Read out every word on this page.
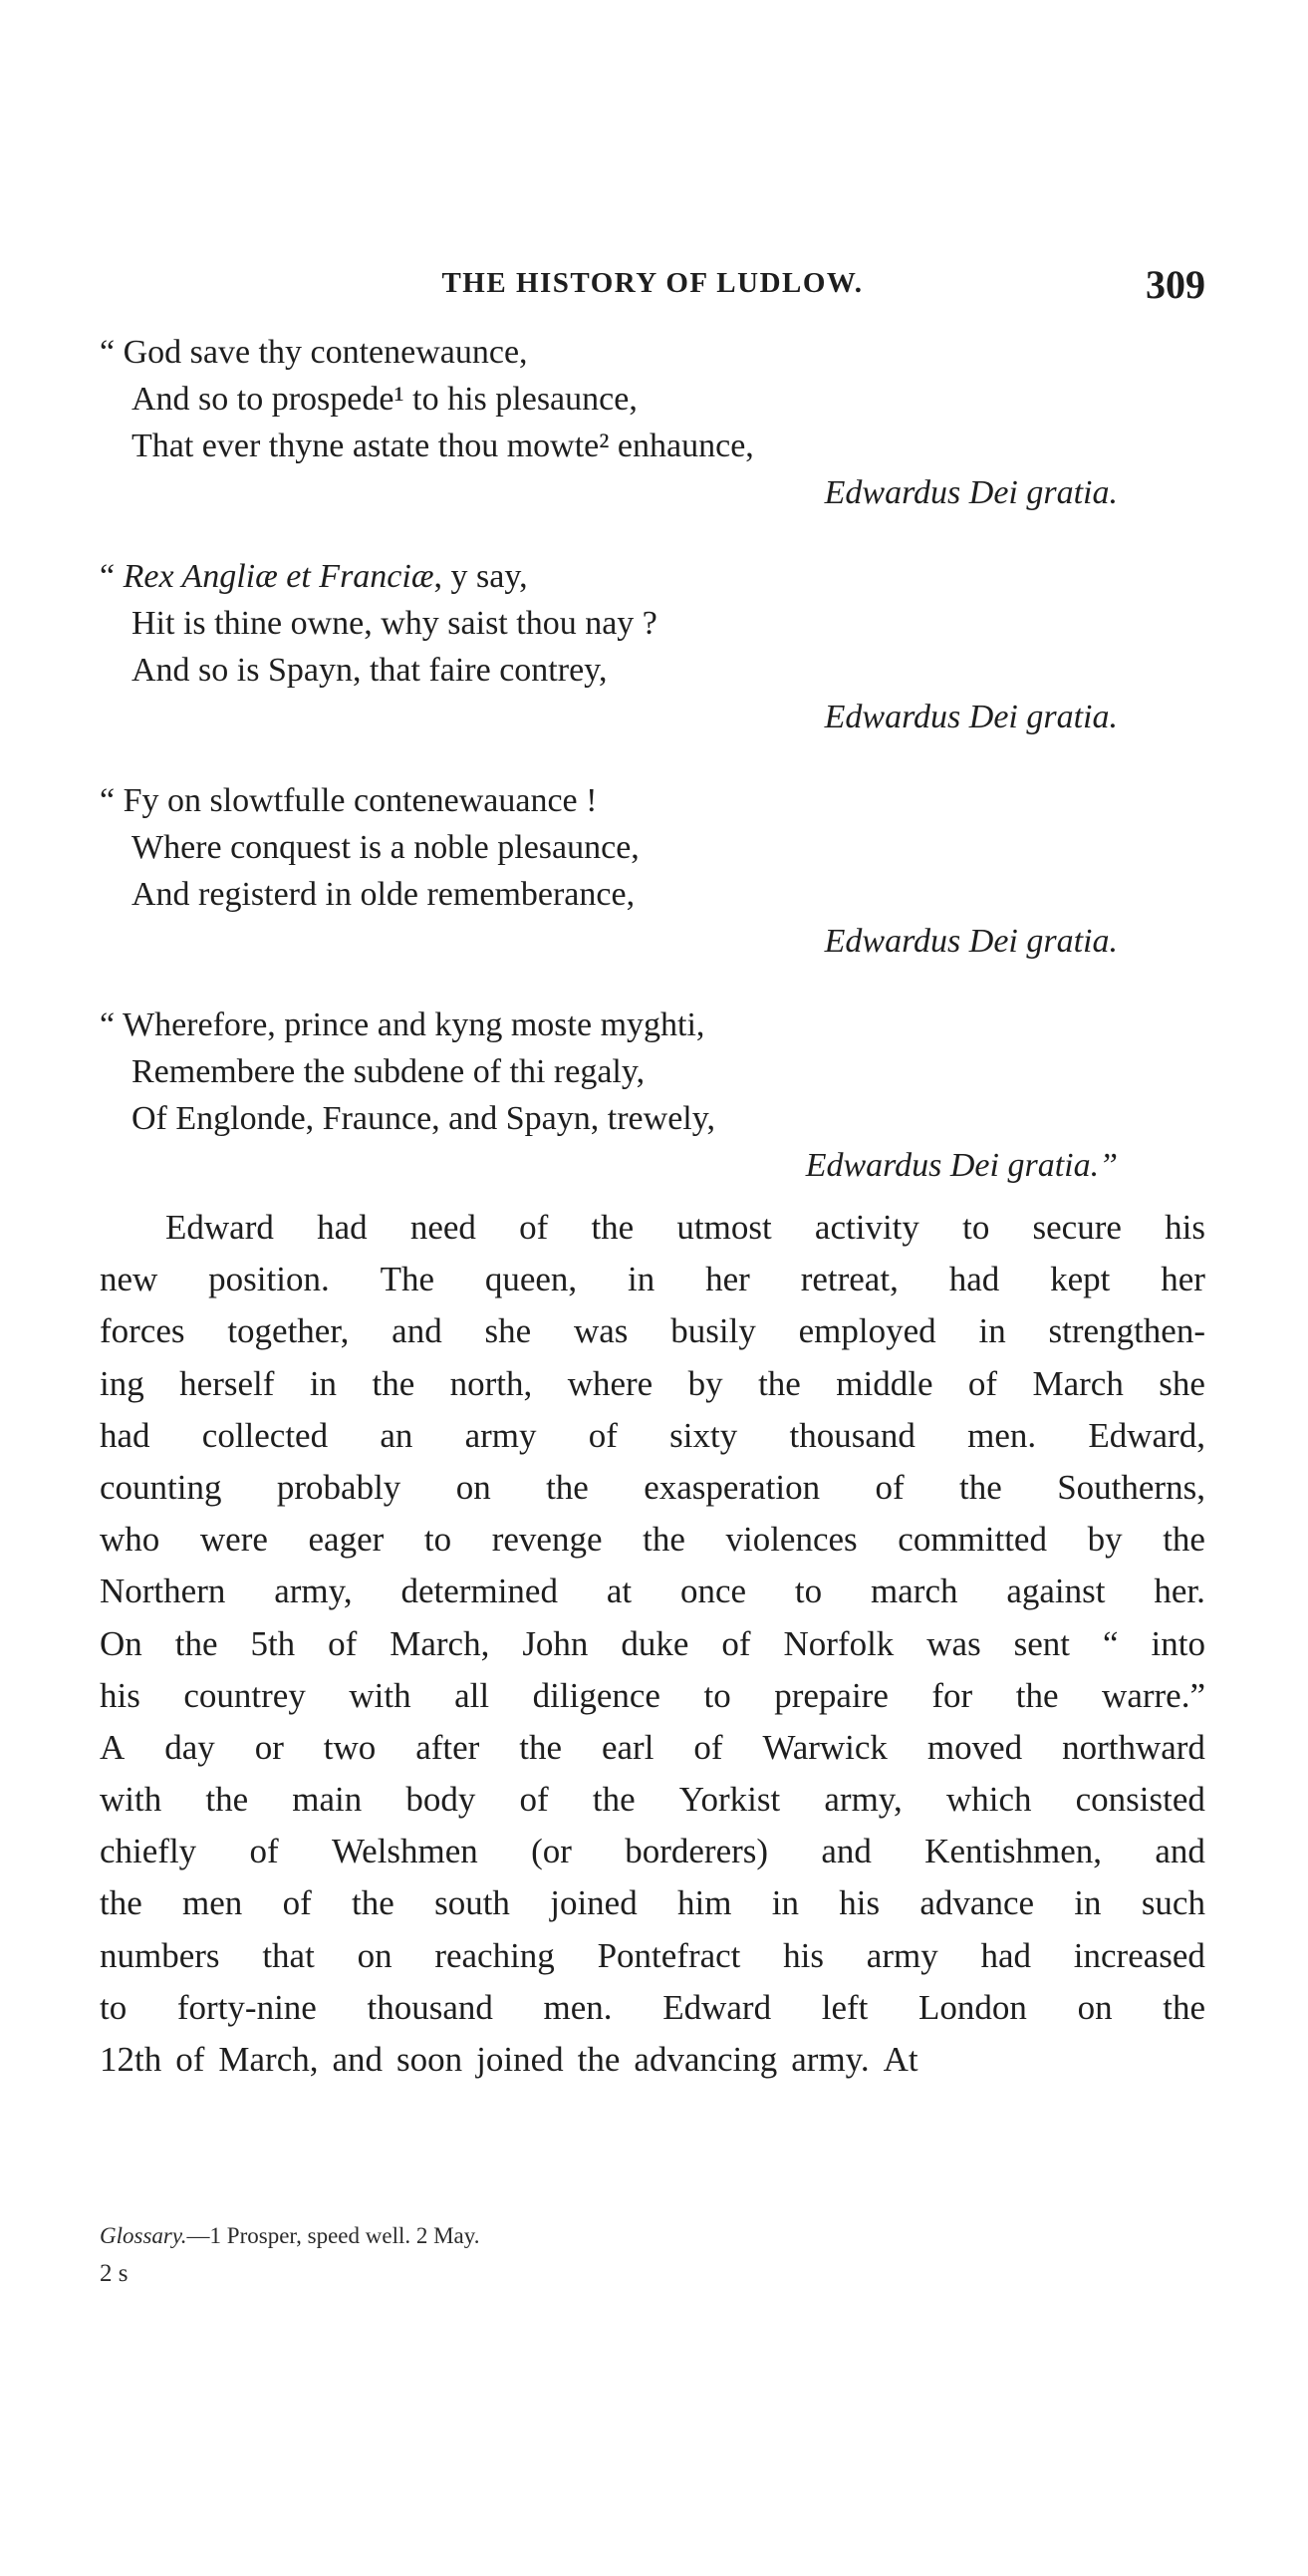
THE HISTORY OF LUDLOW.	309
“ God save thy contenewaunce,
And so to prospede¹ to his plesaunce,
That ever thyne astate thou mowte² enhaunce,
Edwardus Dei gratia.
“ Rex Angliæ et Franciæ, y say,
Hit is thine owne, why saist thou nay ?
And so is Spayn, that faire contrey,
Edwardus Dei gratia.
“ Fy on slowtfulle contenewauance !
Where conquest is a noble plesaunce,
And registerd in olde rememberance,
Edwardus Dei gratia.
“ Wherefore, prince and kyng moste myghti,
Remembere the subdene of thi regaly,
Of Englonde, Fraunce, and Spayn, trewely,
Edwardus Dei gratia.”
Edward had need of the utmost activity to secure his
new position. The queen, in her retreat, had kept her
forces together, and she was busily employed in strengthen-
ing herself in the north, where by the middle of March she
had collected an army of sixty thousand men. Edward,
counting probably on the exasperation of the Southerns,
who were eager to revenge the violences committed by the
Northern army, determined at once to march against her.
On the 5th of March, John duke of Norfolk was sent “ into
his countrey with all diligence to prepaire for the warre.”
A day or two after the earl of Warwick moved northward
with the main body of the Yorkist army, which consisted
chiefly of Welshmen (or borderers) and Kentishmen, and
the men of the south joined him in his advance in such
numbers that on reaching Pontefract his army had increased
to forty-nine thousand men. Edward left London on the
12th of March, and soon joined the advancing army. At
Glossary.—1 Prosper, speed well. 2 May.
2 s
